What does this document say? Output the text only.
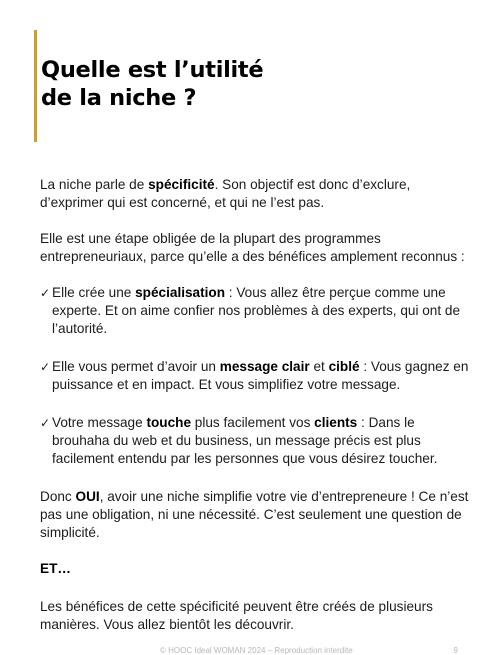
Quelle est l’utilité
de la niche ?

La niche parle de spécificité. Son objectif est donc d’exclure, d’exprimer qui est concerné, et qui ne l’est pas.

Elle est une étape obligée de la plupart des programmes entrepreneuriaux, parce qu’elle a des bénéfices amplement reconnus :

✓ Elle crée une spécialisation : Vous allez être perçue comme une experte. Et on aime confier nos problèmes à des experts, qui ont de l’autorité.

✓ Elle vous permet d’avoir un message clair et ciblé : Vous gagnez en puissance et en impact. Et vous simplifiez votre message.

✓ Votre message touche plus facilement vos clients : Dans le brouhaha du web et du business, un message précis est plus facilement entendu par les personnes que vous désirez toucher.

Donc OUI, avoir une niche simplifie votre vie d’entrepreneure ! Ce n’est pas une obligation, ni une nécessité. C’est seulement une question de simplicité.

ET…

Les bénéfices de cette spécificité peuvent être créés de plusieurs manières. Vous allez bientôt les découvrir.

© HOOC Ideal WOMAN 2024 – Reproduction interdite	9
